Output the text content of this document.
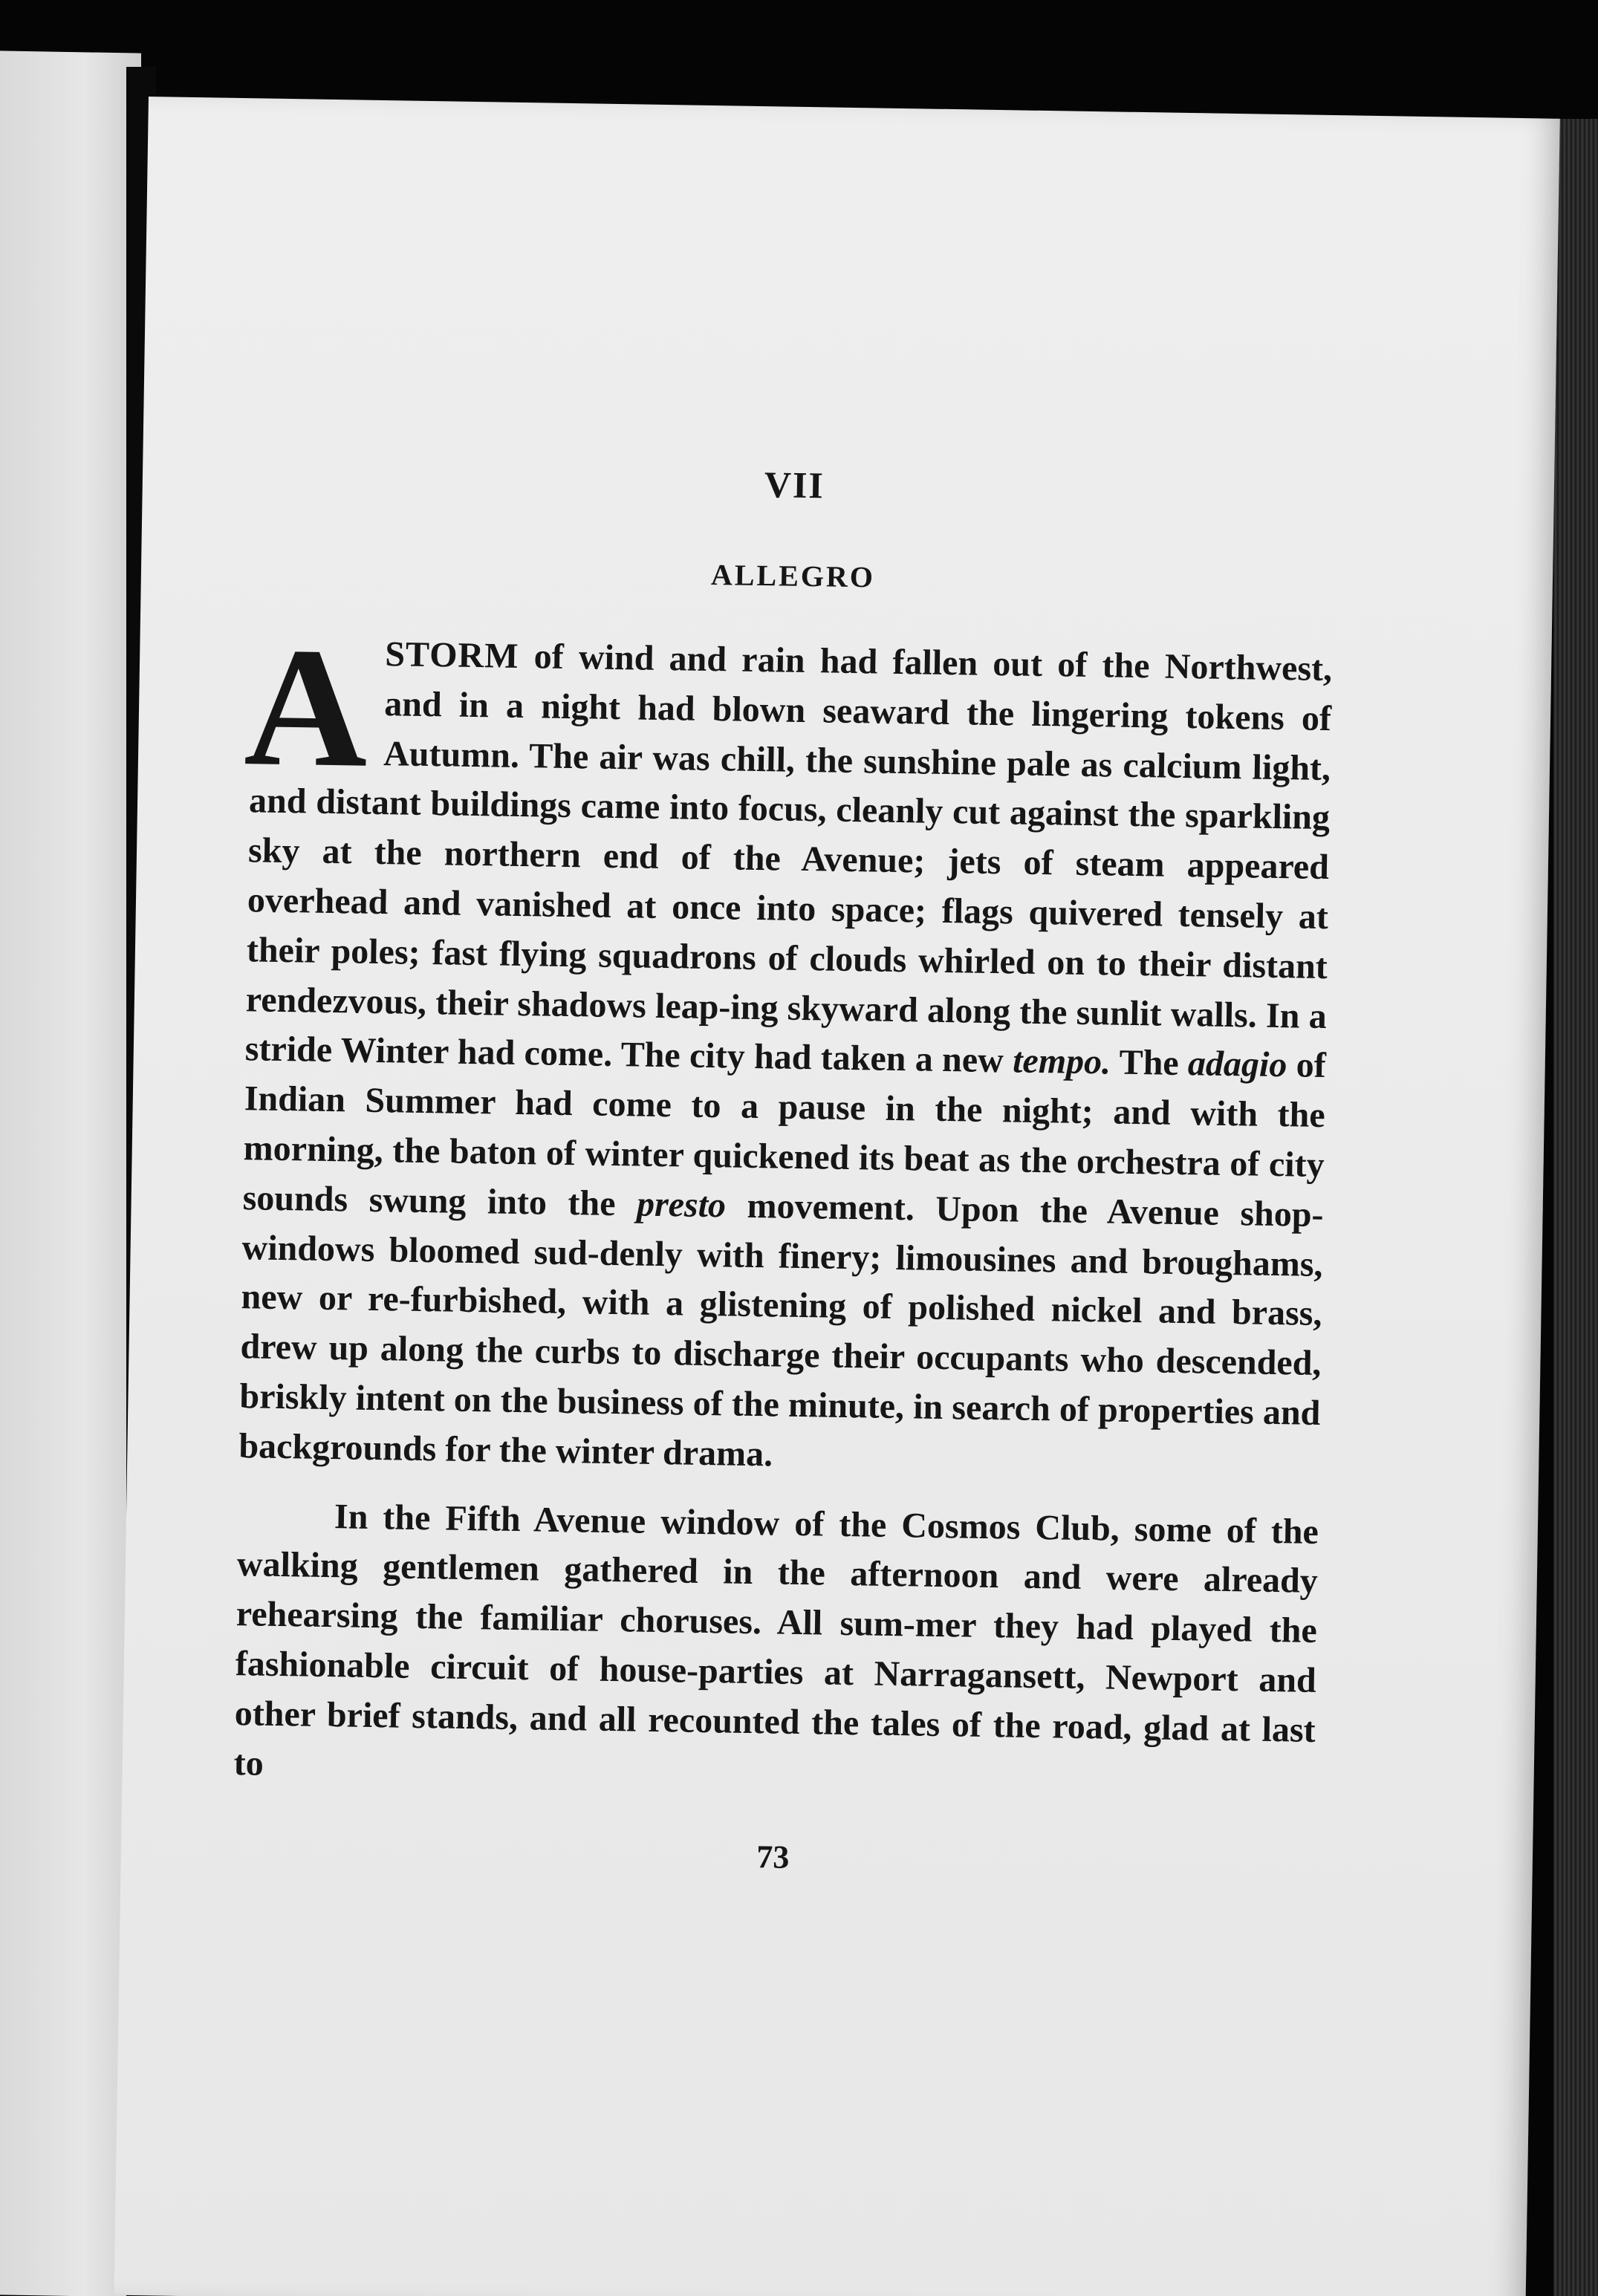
VII
ALLEGRO

ASTORM of wind and rain had fallen out of the Northwest, and in a night had blown seaward the lingering tokens of Autumn. The air was chill, the sunshine pale as calcium light, and distant buildings came into focus, cleanly cut against the sparkling sky at the northern end of the Avenue; jets of steam appeared overhead and vanished at once into space; flags quivered tensely at their poles; fast flying squadrons of clouds whirled on to their distant rendezvous, their shadows leap-ing skyward along the sunlit walls. In a stride Winter had come. The city had taken a new tempo. The adagio of Indian Summer had come to a pause in the night; and with the morning, the baton of winter quickened its beat as the orchestra of city sounds swung into the presto movement. Upon the Avenue shop-windows bloomed sud-denly with finery; limousines and broughams, new or re-furbished, with a glistening of polished nickel and brass, drew up along the curbs to discharge their occupants who descended, briskly intent on the business of the minute, in search of properties and backgrounds for the winter drama.

In the Fifth Avenue window of the Cosmos Club, some of the walking gentlemen gathered in the afternoon and were already rehearsing the familiar choruses. All sum-mer they had played the fashionable circuit of house-parties at Narragansett, Newport and other brief stands, and all recounted the tales of the road, glad at last to

73
